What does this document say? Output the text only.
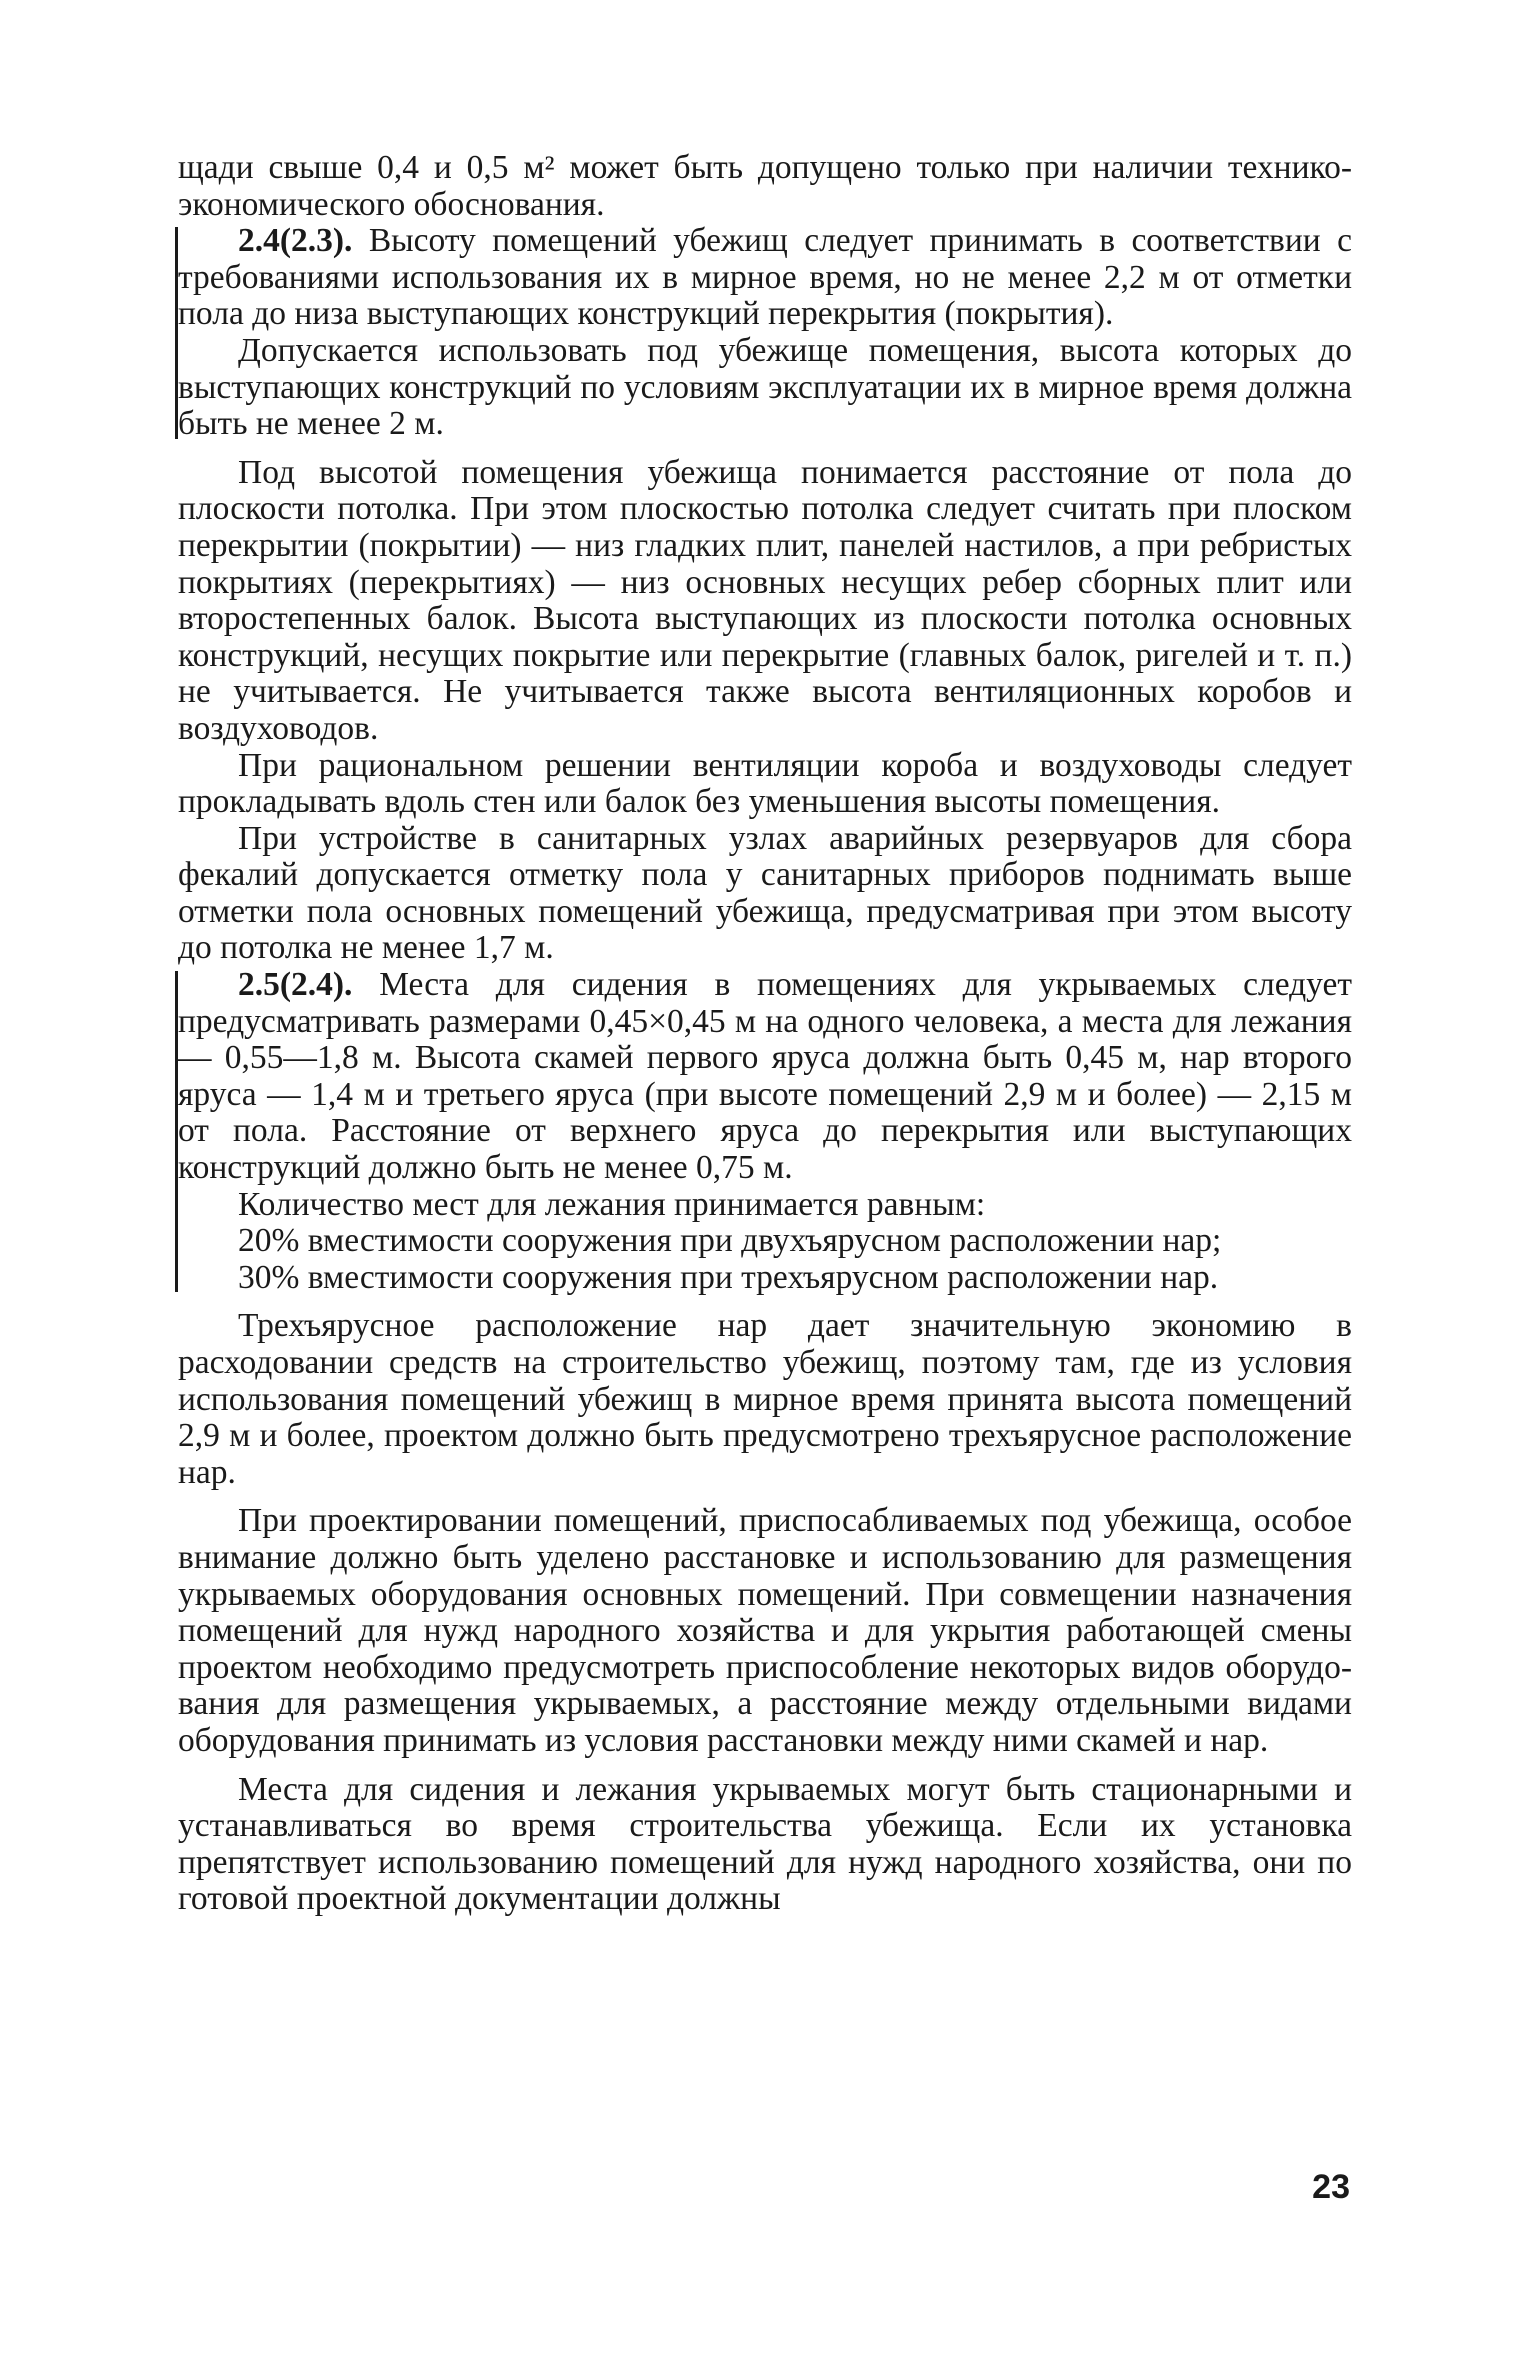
щади свыше 0,4 и 0,5 м² может быть допущено только при наличии технико-экономического обоснования.

2.4(2.3). Высоту помещений убежищ следует принимать в соответствии с требованиями использования их в мирное время, но не менее 2,2 м от отметки пола до низа выступающих конструкций перекрытия (покрытия).

Допускается использовать под убежище помещения, высота которых до выступающих конструкций по условиям эксплуатации их в мирное время должна быть не менее 2 м.

Под высотой помещения убежища понимается расстояние от пола до плоскости потолка. При этом плоскостью потолка следует считать при плоском перекрытии (покрытии) — низ гладких плит, панелей настилов, а при ребристых покрытиях (перекрытиях) — низ основных несущих ребер сборных плит или второстепенных балок. Высота выступающих из плоскости потолка основных конструкций, несущих покрытие или перекрытие (главных балок, ригелей и т. п.) не учитывается. Не учитывается также высота вентиляционных коробов и воздуховодов.

При рациональном решении вентиляции короба и воздуховоды следует прокладывать вдоль стен или балок без уменьшения высоты помещения.

При устройстве в санитарных узлах аварийных резервуаров для сбора фекалий допускается отметку пола у санитарных приборов поднимать выше отметки пола основных помещений убежища, предусматривая при этом высоту до потолка не менее 1,7 м.

2.5(2.4). Места для сидения в помещениях для укрываемых следует предусматривать размерами 0,45×0,45 м на одного человека, а места для лежания — 0,55—1,8 м. Высота скамей первого яруса должна быть 0,45 м, нар второго яруса — 1,4 м и третьего яруса (при высоте помещений 2,9 м и более) — 2,15 м от пола. Расстояние от верхнего яруса до перекрытия или выступающих конструкций должно быть не менее 0,75 м.

Количество мест для лежания принимается равным:

20% вместимости сооружения при двухъярусном расположении нар;

30% вместимости сооружения при трехъярусном расположении нар.

Трехъярусное расположение нар дает значительную экономию в расходовании средств на строительство убежищ, поэтому там, где из условия использования помещений убежищ в мирное время принята высота помещений 2,9 м и более, проектом должно быть предусмотрено трехъярусное расположение нар.

При проектировании помещений, приспосабливаемых под убежища, особое внимание должно быть уделено расстановке и использованию для размещения укрываемых оборудования основных помещений. При совмещении назначения помещений для нужд народного хозяйства и для укрытия работающей смены проектом необходимо предусмотреть приспособление некоторых видов оборудования для размещения укрываемых, а расстояние между отдельными видами оборудования принимать из условия расстановки между ними скамей и нар.

Места для сидения и лежания укрываемых могут быть стационарными и устанавливаться во время строительства убежища. Если их установка препятствует использованию помещений для нужд народного хозяйства, они по готовой проектной документации должны

23
